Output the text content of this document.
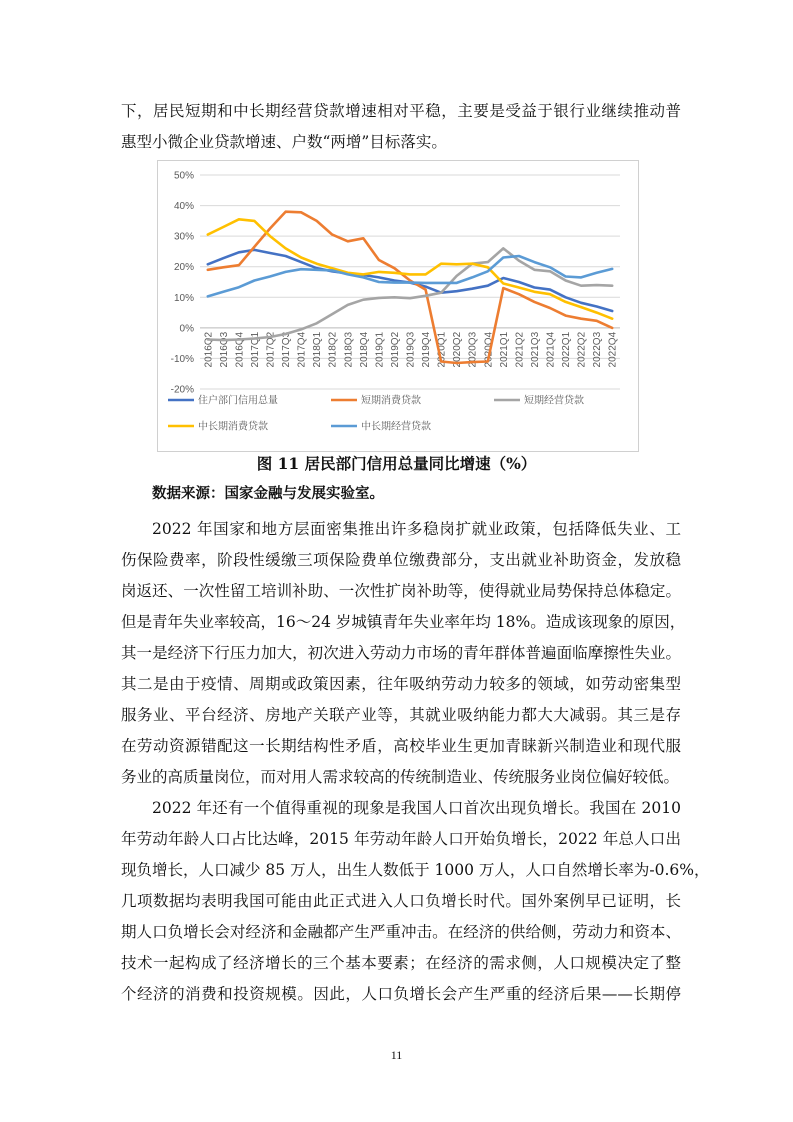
下，居民短期和中长期经营贷款增速相对平稳，主要是受益于银行业继续推动普
惠型小微企业贷款增速、户数“两增”目标落实。
-20%
-10%
0%
10%
20%
30%
40%
50%
2016Q2 2016Q3 2016Q4 2017Q1 2017Q2 2017Q3 2017Q4 2018Q1 2018Q2 2018Q3 2018Q4 2019Q1 2019Q2 2019Q3 2019Q4 2020Q1 2020Q2 2020Q3 2020Q4 2021Q1 2021Q2 2021Q3 2021Q4 2022Q1 2022Q2 2022Q3 2022Q4
住户部门信用总量	短期消费贷款	短期经营贷款
中长期消费贷款	中长期经营贷款
图 11 居民部门信用总量同比增速（%）
数据来源：国家金融与发展实验室。
2022 年国家和地方层面密集推出许多稳岗扩就业政策，包括降低失业、工
伤保险费率，阶段性缓缴三项保险费单位缴费部分，支出就业补助资金，发放稳
岗返还、一次性留工培训补助、一次性扩岗补助等，使得就业局势保持总体稳定。
但是青年失业率较高，16～24 岁城镇青年失业率年均 18%。造成该现象的原因，
其一是经济下行压力加大，初次进入劳动力市场的青年群体普遍面临摩擦性失业。
其二是由于疫情、周期或政策因素，往年吸纳劳动力较多的领域，如劳动密集型
服务业、平台经济、房地产关联产业等，其就业吸纳能力都大大减弱。其三是存
在劳动资源错配这一长期结构性矛盾，高校毕业生更加青睐新兴制造业和现代服
务业的高质量岗位，而对用人需求较高的传统制造业、传统服务业岗位偏好较低。
2022 年还有一个值得重视的现象是我国人口首次出现负增长。我国在 2010
年劳动年龄人口占比达峰，2015 年劳动年龄人口开始负增长，2022 年总人口出
现负增长，人口减少 85 万人，出生人数低于 1000 万人，人口自然增长率为-0.6%，
几项数据均表明我国可能由此正式进入人口负增长时代。国外案例早已证明，长
期人口负增长会对经济和金融都产生严重冲击。在经济的供给侧，劳动力和资本、
技术一起构成了经济增长的三个基本要素；在经济的需求侧，人口规模决定了整
个经济的消费和投资规模。因此，人口负增长会产生严重的经济后果——长期停
11
